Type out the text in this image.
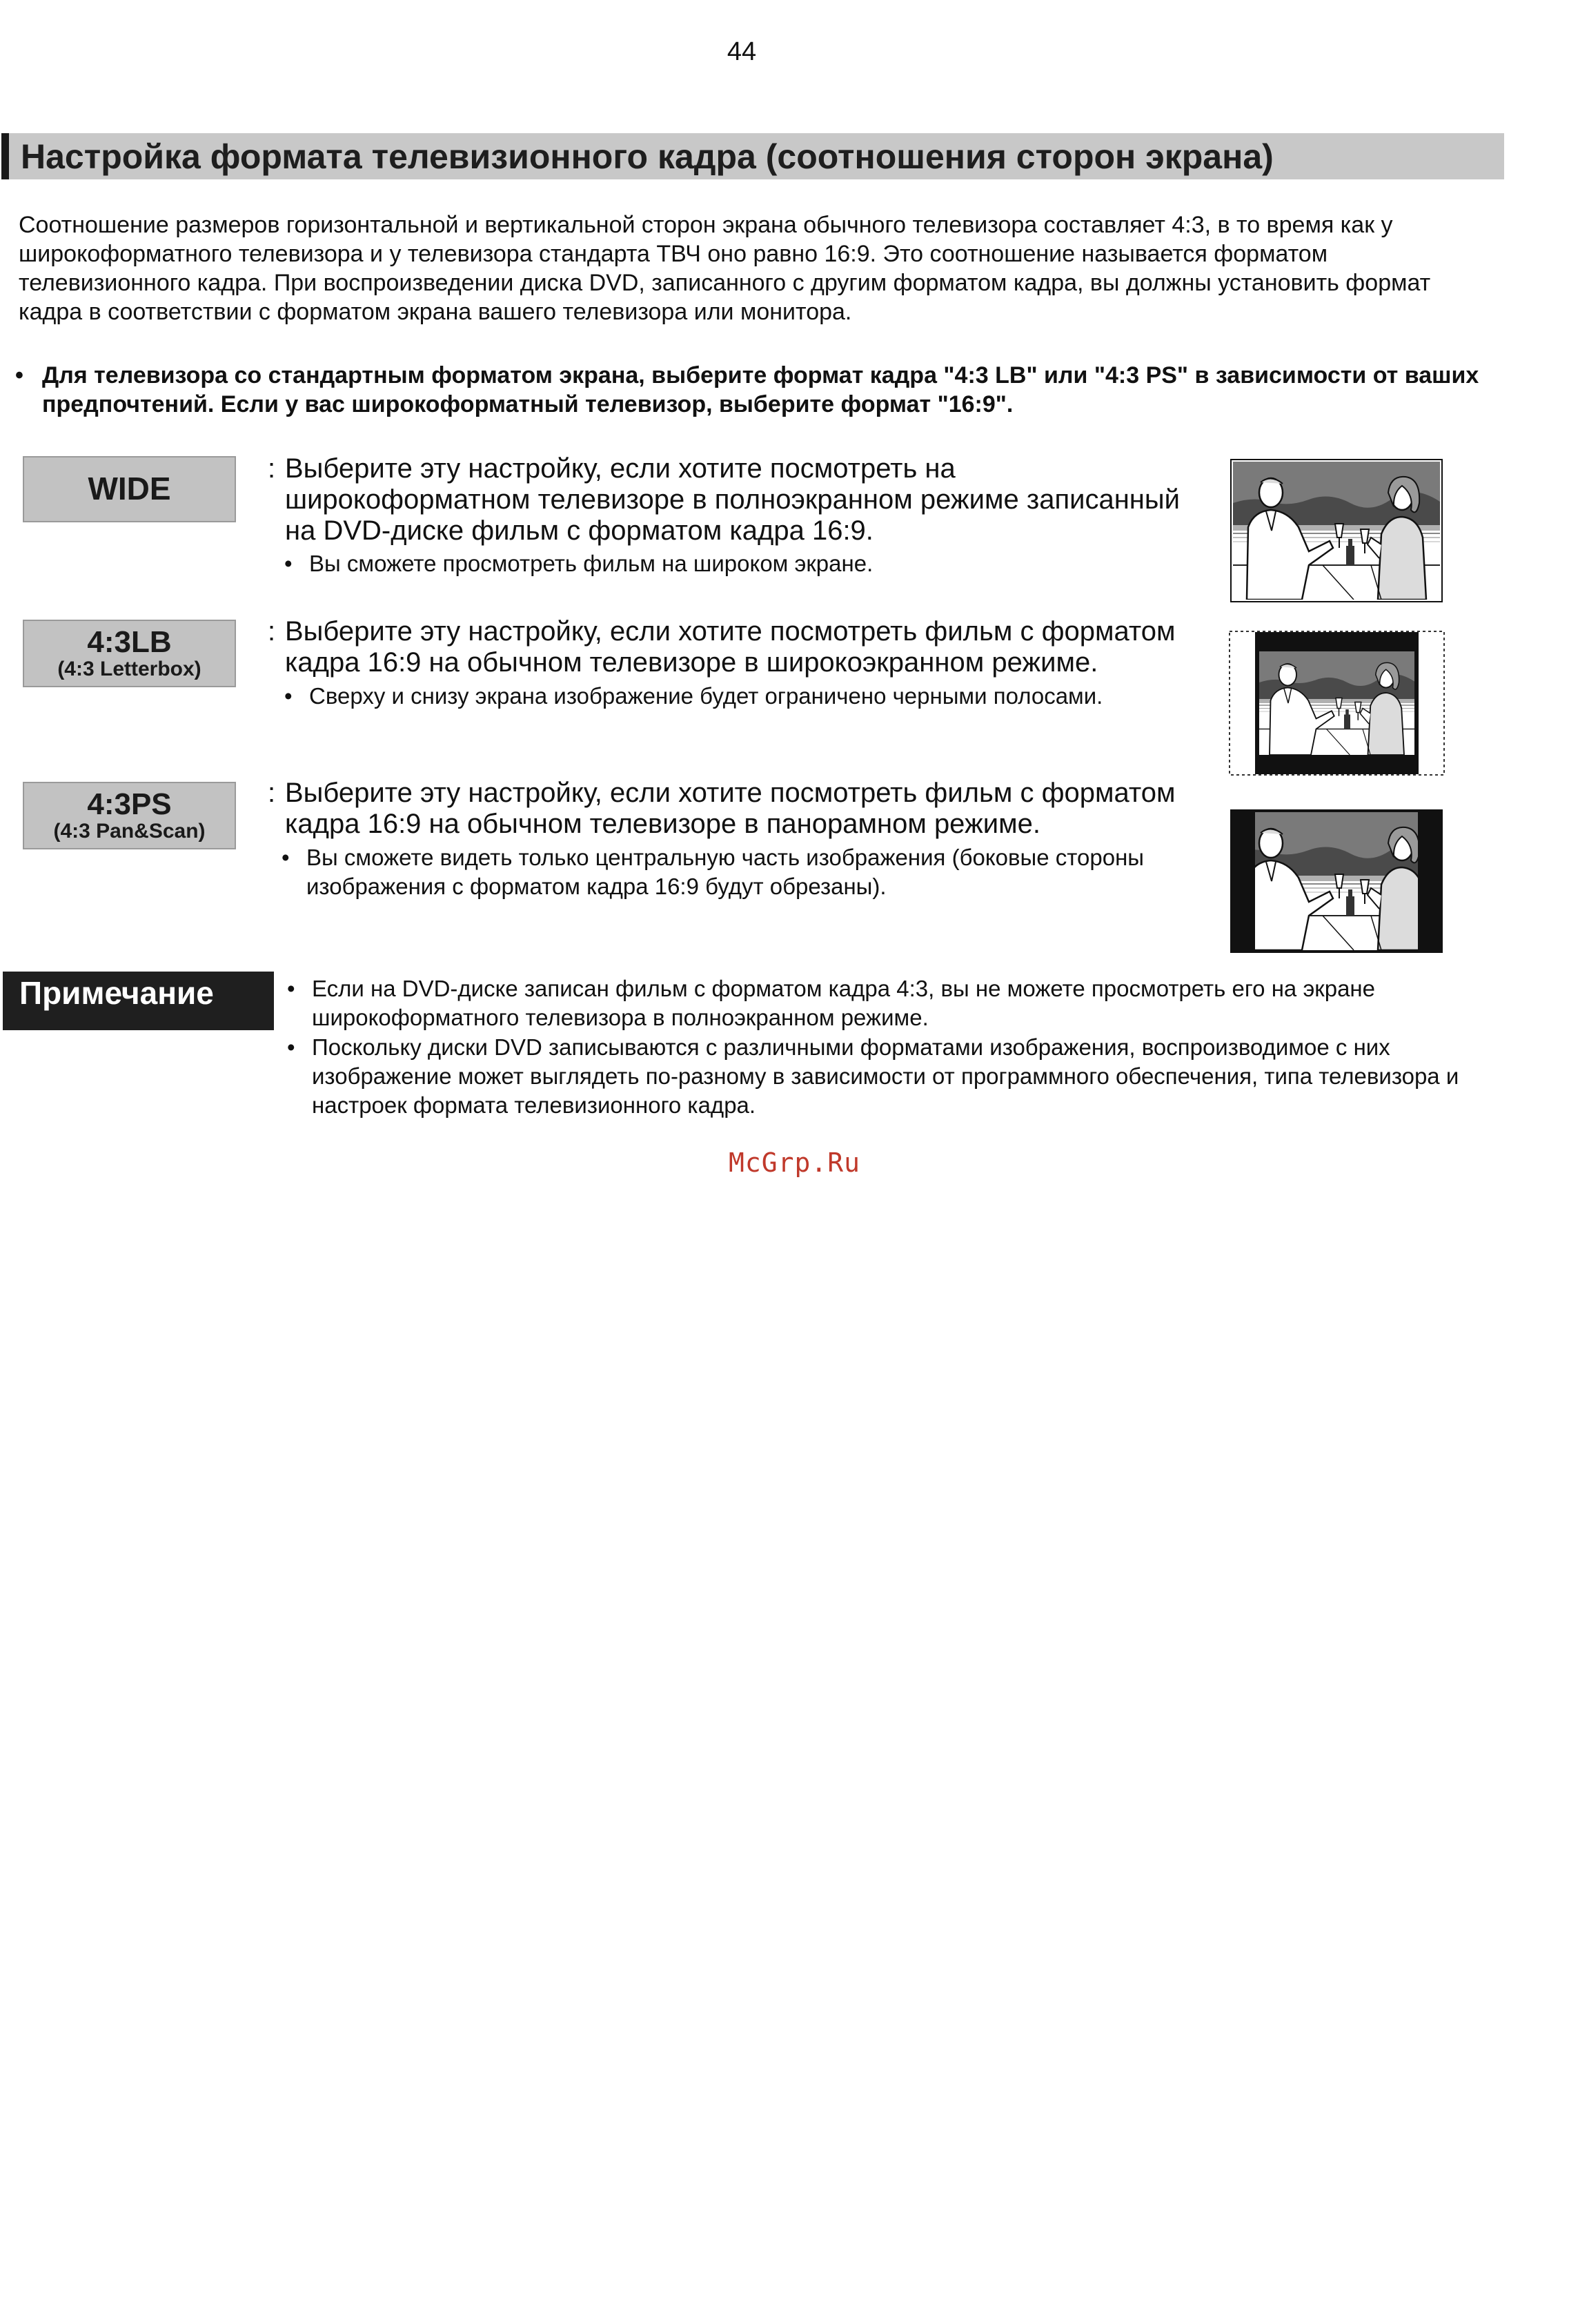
44
Настройка формата телевизионного кадра (соотношения сторон экрана)
Соотношение размеров горизонтальной и вертикальной сторон экрана обычного телевизора составляет 4:3, в то время как у широкоформатного телевизора и у телевизора стандарта ТВЧ оно равно 16:9. Это соотношение называется форматом телевизионного кадра. При воспроизведении диска DVD, записанного с другим форматом кадра, вы должны установить формат кадра в соответствии с форматом экрана вашего телевизора или монитора.
• Для телевизора со стандартным форматом экрана, выберите формат кадра "4:3 LB" или "4:3 PS" в зависимости от ваших предпочтений. Если у вас широкоформатный телевизор, выберите формат "16:9".
WIDE
: Выберите эту настройку, если хотите посмотреть на широкоформатном телевизоре в полноэкранном режиме записанный на DVD-диске фильм с форматом кадра 16:9.
• Вы сможете просмотреть фильм на широком экране.
4:3LB
(4:3 Letterbox)
: Выберите эту настройку, если хотите посмотреть фильм с форматом кадра 16:9 на обычном телевизоре в широкоэкранном режиме.
• Сверху и снизу экрана изображение будет ограничено черными полосами.
4:3PS
(4:3 Pan&Scan)
: Выберите эту настройку, если хотите посмотреть фильм с форматом кадра 16:9 на обычном телевизоре в панорамном режиме.
• Вы сможете видеть только центральную часть изображения (боковые стороны изображения с форматом кадра 16:9 будут обрезаны).
Примечание	• Если на DVD-диске записан фильм с форматом кадра 4:3, вы не можете просмотреть его на экране широкоформатного телевизора в полноэкранном режиме.
• Поскольку диски DVD записываются с различными форматами изображения, воспроизводимое с них изображение может выглядеть по-разному в зависимости от программного обеспечения, типа телевизора и настроек формата телевизионного кадра.
McGrp.Ru
